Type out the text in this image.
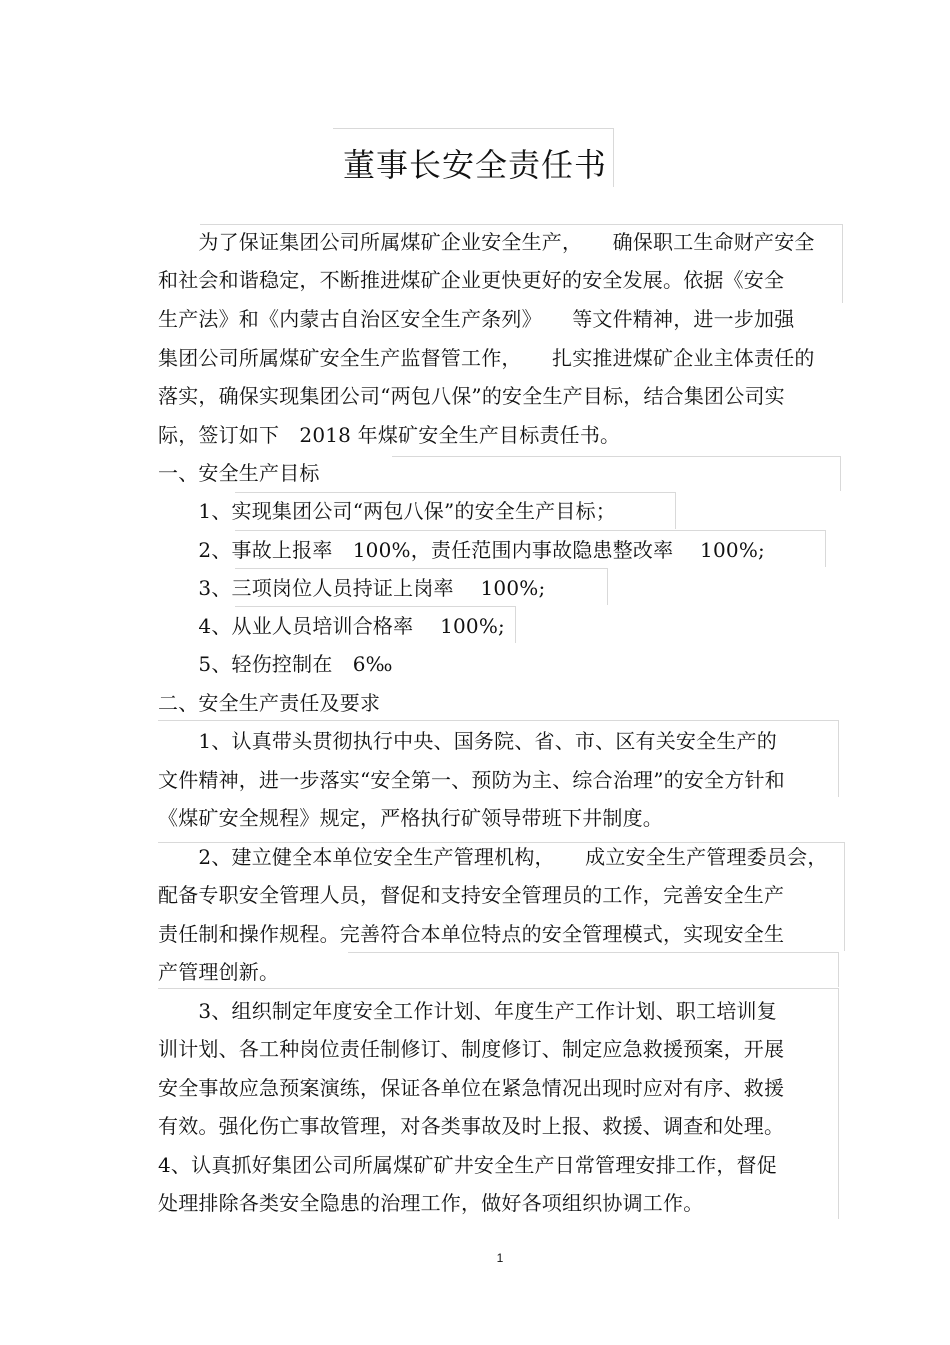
董事长安全责任书
　　为了保证集团公司所属煤矿企业安全生产，　　确保职工生命财产安全
和社会和谐稳定，不断推进煤矿企业更快更好的安全发展。依据《安全
生产法》和《内蒙古自治区安全生产条列》　　等文件精神，进一步加强
集团公司所属煤矿安全生产监督管工作，　　扎实推进煤矿企业主体责任的
落实，确保实现集团公司“两包八保”的安全生产目标，结合集团公司实
际，签订如下　2018 年煤矿安全生产目标责任书。
一、安全生产目标
　　1、实现集团公司“两包八保”的安全生产目标；
　　2、事故上报率　100%，责任范围内事故隐患整改率　 100%;
　　3、三项岗位人员持证上岗率　 100%;
　　4、从业人员培训合格率　 100%;
　　5、轻伤控制在　6‰
二、安全生产责任及要求
　　1、认真带头贯彻执行中央、国务院、省、市、区有关安全生产的
文件精神，进一步落实“安全第一、预防为主、综合治理”的安全方针和
《煤矿安全规程》规定，严格执行矿领导带班下井制度。
　　2、建立健全本单位安全生产管理机构，　　成立安全生产管理委员会，
配备专职安全管理人员，督促和支持安全管理员的工作，完善安全生产
责任制和操作规程。完善符合本单位特点的安全管理模式，实现安全生
产管理创新。
　　3、组织制定年度安全工作计划、年度生产工作计划、职工培训复
训计划、各工种岗位责任制修订、制度修订、制定应急救援预案，开展
安全事故应急预案演练，保证各单位在紧急情况出现时应对有序、救援
有效。强化伤亡事故管理，对各类事故及时上报、救援、调查和处理。
4、认真抓好集团公司所属煤矿矿井安全生产日常管理安排工作，督促
处理排除各类安全隐患的治理工作，做好各项组织协调工作。
1
